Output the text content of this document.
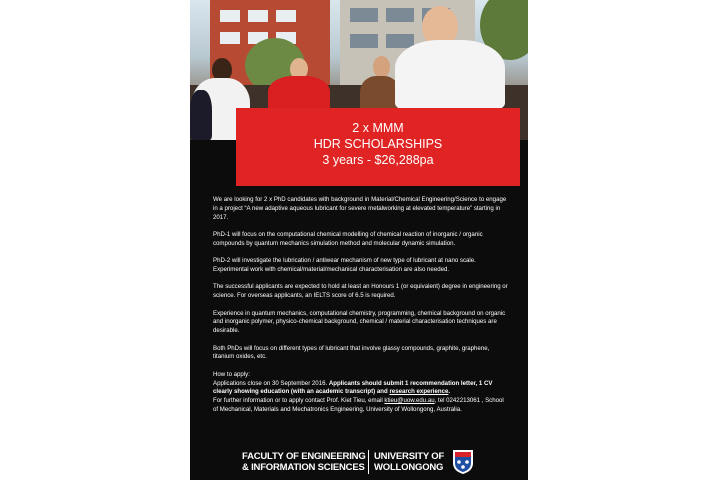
2 x MMM
HDR SCHOLARSHIPS
3 years - $26,288pa

We are looking for 2 x PhD candidates with background in Material/Chemical Engineering/Science to engage in a project “A new adaptive aqueous lubricant for severe metalworking at elevated temperature” starting in 2017.

PhD-1 will focus on the computational chemical modelling of chemical reaction of inorganic / organic compounds by quantum mechanics simulation method and molecular dynamic simulation.

PhD-2 will investigate the lubrication / antiwear mechanism of new type of lubricant at nano scale. Experimental work with chemical/material/mechanical characterisation are also needed.

The successful applicants are expected to hold at least an Honours 1 (or equivalent) degree in engineering or science. For overseas applicants, an IELTS score of 6.5 is required.

Experience in quantum mechanics, computational chemistry, programming, chemical background on organic and inorganic polymer, physico-chemical background, chemical / material characterisation techniques are desirable.

Both PhDs will focus on different types of lubricant that involve glassy compounds, graphite, graphene, titanium oxides, etc.

How to apply:

Applications close on 30 September 2016. Applicants should submit 1 recommendation letter, 1 CV clearly showing education (with an academic transcript) and research experience.

For further information or to apply contact Prof. Kiet Tieu, email ktieu@uow.edu.au, tel 0242213061 , School of Mechanical, Materials and Mechatronics Engineering, University of Wollongong, Australia.

FACULTY OF ENGINEERING
& INFORMATION SCIENCES
UNIVERSITY OF
WOLLONGONG
